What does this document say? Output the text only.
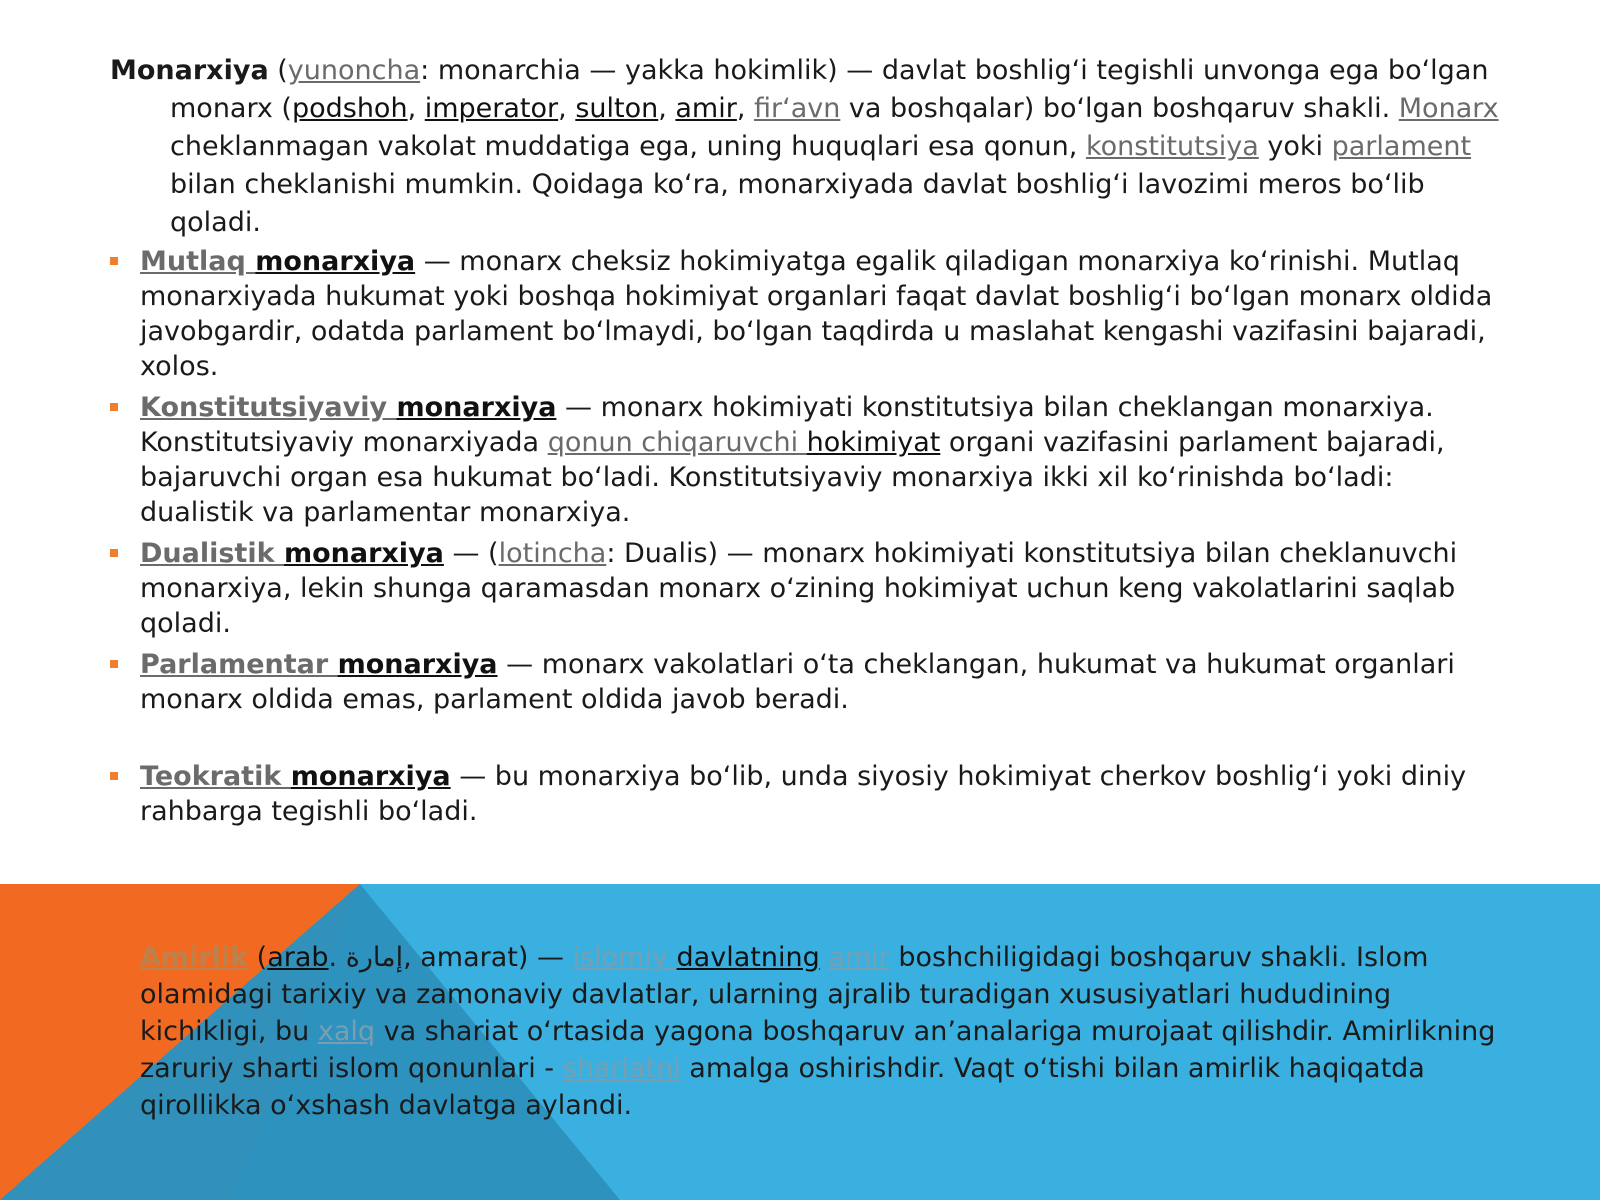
Monarxiya (yunoncha: monarchia — yakka hokimlik) — davlat boshlig‘i tegishli unvonga ega bo‘lgan monarx (podshoh, imperator, sulton, amir, fir‘avn va boshqalar) bo‘lgan boshqaruv shakli. Monarx cheklanmagan vakolat muddatiga ega, uning huquqlari esa qonun, konstitutsiya yoki parlament bilan cheklanishi mumkin. Qoidaga ko‘ra, monarxiyada davlat boshlig‘i lavozimi meros bo‘lib qoladi.

Mutlaq monarxiya — monarx cheksiz hokimiyatga egalik qiladigan monarxiya ko‘rinishi. Mutlaq monarxiyada hukumat yoki boshqa hokimiyat organlari faqat davlat boshlig‘i bo‘lgan monarx oldida javobgardir, odatda parlament bo‘lmaydi, bo‘lgan taqdirda u maslahat kengashi vazifasini bajaradi, xolos.
Konstitutsiyaviy monarxiya — monarx hokimiyati konstitutsiya bilan cheklangan monarxiya. Konstitutsiyaviy monarxiyada qonun chiqaruvchi hokimiyat organi vazifasini parlament bajaradi, bajaruvchi organ esa hukumat bo‘ladi. Konstitutsiyaviy monarxiya ikki xil ko‘rinishda bo‘ladi: dualistik va parlamentar monarxiya.
Dualistik monarxiya — (lotincha: Dualis) — monarx hokimiyati konstitutsiya bilan cheklanuvchi monarxiya, lekin shunga qaramasdan monarx o‘zining hokimiyat uchun keng vakolatlarini saqlab qoladi.
Parlamentar monarxiya — monarx vakolatlari o‘ta cheklangan, hukumat va hukumat organlari monarx oldida emas, parlament oldida javob beradi.
Teokratik monarxiya — bu monarxiya bo‘lib, unda siyosiy hokimiyat cherkov boshlig‘i yoki diniy rahbarga tegishli bo‘ladi.

Amirlik (arab. إمارة, amarat) — islomiy davlatning amir boshchiligidagi boshqaruv shakli. Islom olamidagi tarixiy va zamonaviy davlatlar, ularning ajralib turadigan xususiyatlari hududining kichikligi, bu xalq va shariat o‘rtasida yagona boshqaruv an’analariga murojaat qilishdir. Amirlikning zaruriy sharti islom qonunlari - shariatni amalga oshirishdir. Vaqt o‘tishi bilan amirlik haqiqatda qirollikka o‘xshash davlatga aylandi.
